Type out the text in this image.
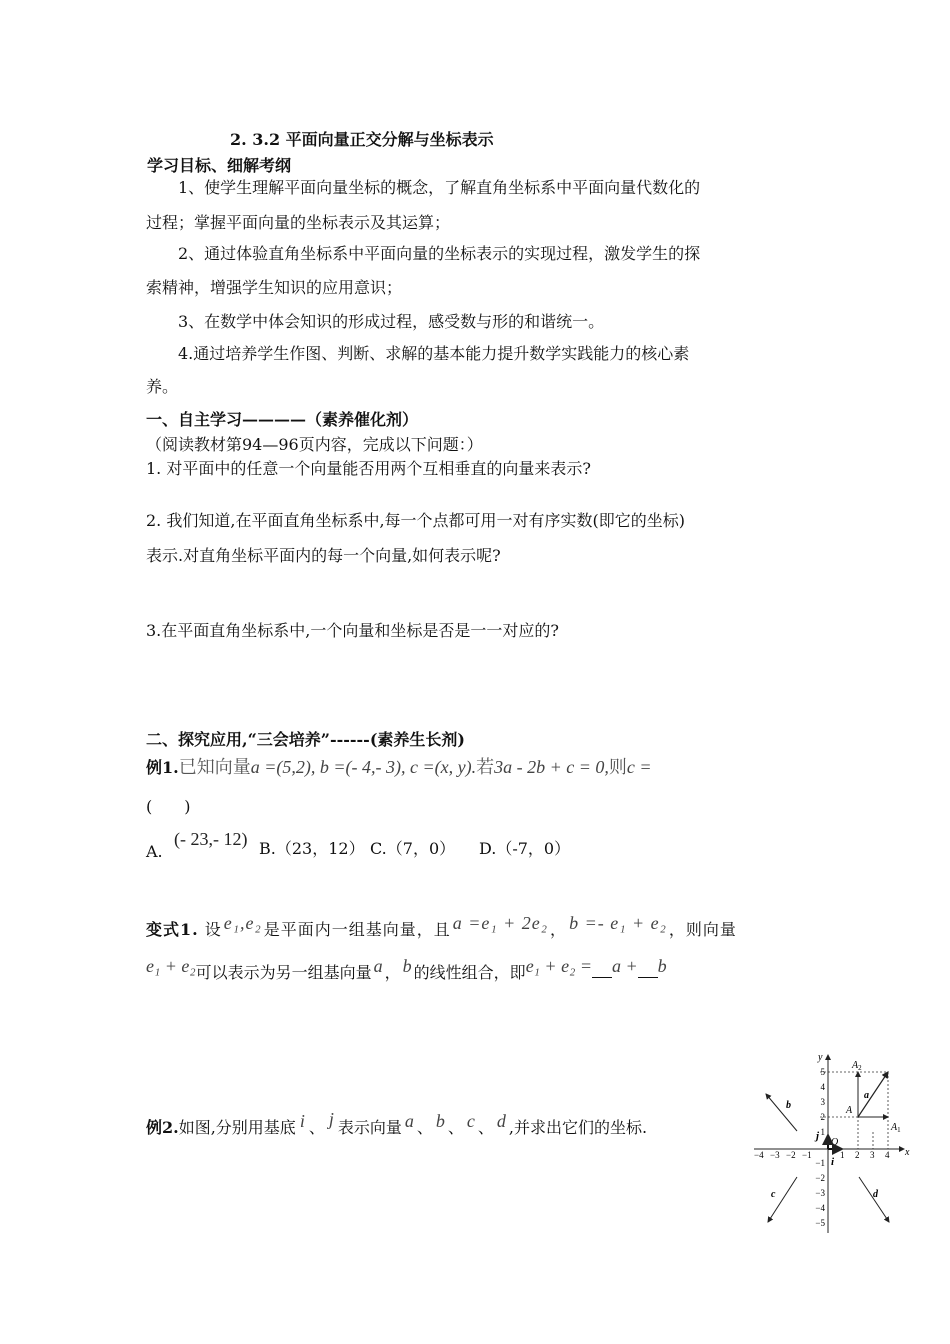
2. 3.2 平面向量正交分解与坐标表示
学习目标、细解考纲
1、使学生理解平面向量坐标的概念，了解直角坐标系中平面向量代数化的
过程；掌握平面向量的坐标表示及其运算；
2、通过体验直角坐标系中平面向量的坐标表示的实现过程，激发学生的探
索精神，增强学生知识的应用意识；
3、在数学中体会知识的形成过程，感受数与形的和谐统一。
4.通过培养学生作图、判断、求解的基本能力提升数学实践能力的核心素
养。
一、自主学习————（素养催化剂）
（阅读教材第94—96页内容，完成以下问题：）
1. 对平面中的任意一个向量能否用两个互相垂直的向量来表示?
2. 我们知道,在平面直角坐标系中,每一个点都可用一对有序实数(即它的坐标)
表示.对直角坐标平面内的每一个向量,如何表示呢?
3.在平面直角坐标系中,一个向量和坐标是否是一一对应的?
二、探究应用,“三会培养”------(素养生长剂)
例1.已知向量a =(5,2), b =(- 4,- 3), c =(x, y).若3a - 2b + c = 0,则c =
(　　)
A.
(- 23,- 12) B.（23，12） C.（7，0） D.（-7，0）
变式1. 设 e₁,e₂ 是平面内一组基向量，且 a =e₁ + 2e₂ ， b =- e₁ + e₂ ，则向量
e₁ + e₂可以表示为另一组基向量 a ， b 的线性组合，即e₁ + e₂ = a + b
例2.如图,分别用基底 i 、 j 表示向量 a 、 b 、 c 、 d ,并求出它们的坐标.
x
y
O
−4 −3 −2 −1	1 2 3 4
5
4
3
2
1
−1
−2
−3
−4
−5
i
j
A
$A_1$
$A_2$
a
b
c	d
